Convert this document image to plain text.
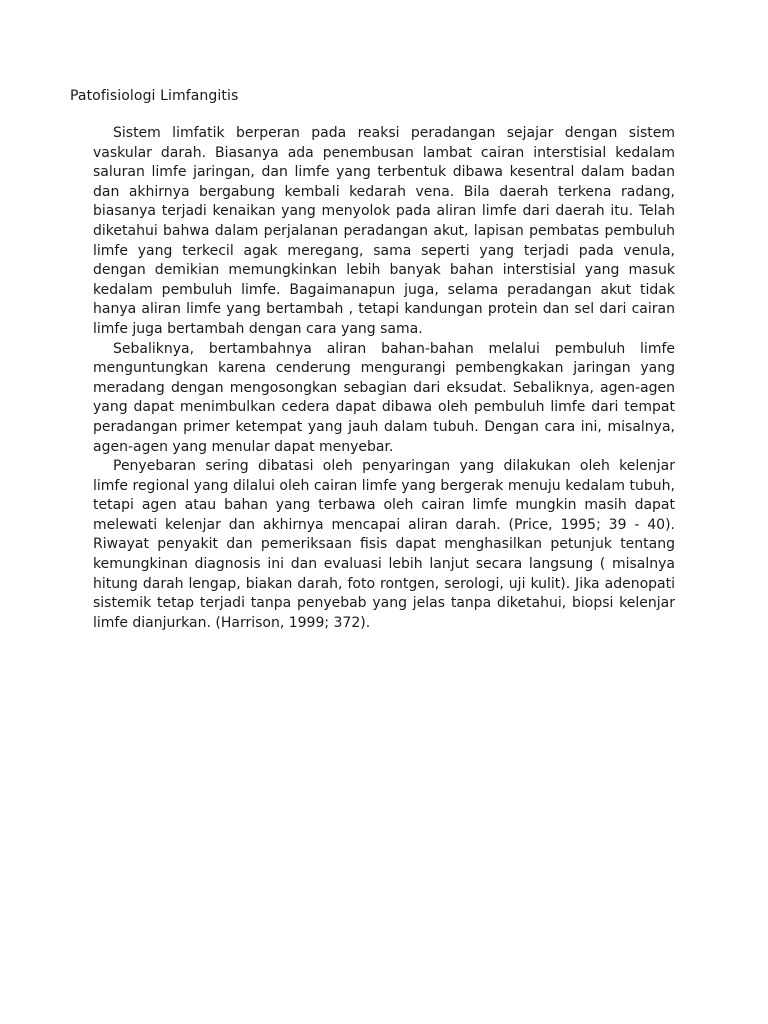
Patofisiologi Limfangitis

Sistem limfatik berperan pada reaksi peradangan sejajar dengan sistem vaskular darah. Biasanya ada penembusan lambat cairan interstisial kedalam saluran limfe jaringan, dan limfe yang terbentuk dibawa kesentral dalam badan dan akhirnya bergabung kembali kedarah vena. Bila daerah terkena radang, biasanya terjadi kenaikan yang menyolok pada aliran limfe dari daerah itu. Telah diketahui bahwa dalam perjalanan peradangan akut, lapisan pembatas pembuluh limfe yang terkecil agak meregang, sama seperti yang terjadi pada venula, dengan demikian memungkinkan lebih banyak bahan interstisial yang masuk kedalam pembuluh limfe. Bagaimanapun juga, selama peradangan akut tidak hanya aliran limfe yang bertambah , tetapi kandungan protein dan sel dari cairan limfe juga bertambah dengan cara yang sama.

Sebaliknya, bertambahnya aliran bahan-bahan melalui pembuluh limfe menguntungkan karena cenderung mengurangi pembengkakan jaringan yang meradang dengan mengosongkan sebagian dari eksudat. Sebaliknya, agen-agen yang dapat menimbulkan cedera dapat dibawa oleh pembuluh limfe dari tempat peradangan primer ketempat yang jauh dalam tubuh. Dengan cara ini, misalnya, agen-agen yang menular dapat menyebar.

Penyebaran sering dibatasi oleh penyaringan yang dilakukan oleh kelenjar limfe regional yang dilalui oleh cairan limfe yang bergerak menuju kedalam tubuh, tetapi agen atau bahan yang terbawa oleh cairan limfe mungkin masih dapat melewati kelenjar dan akhirnya mencapai aliran darah. (Price, 1995; 39 - 40). Riwayat penyakit dan pemeriksaan fisis dapat menghasilkan petunjuk tentang kemungkinan diagnosis ini dan evaluasi lebih lanjut secara langsung ( misalnya hitung darah lengap, biakan darah, foto rontgen, serologi, uji kulit). Jika adenopati sistemik tetap terjadi tanpa penyebab yang jelas tanpa diketahui, biopsi kelenjar limfe dianjurkan. (Harrison, 1999; 372).
